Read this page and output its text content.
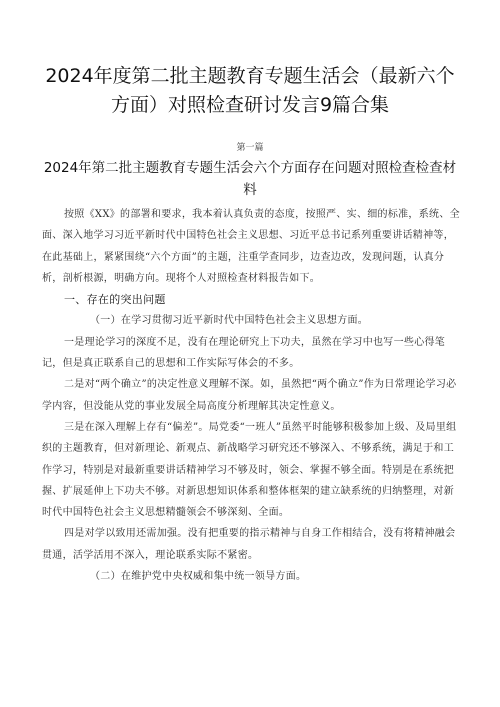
2024年度第二批主题教育专题生活会（最新六个方面）对照检查研讨发言9篇合集
第一篇
2024年第二批主题教育专题生活会六个方面存在问题对照检查检查材料

按照《XX》的部署和要求，我本着认真负责的态度，按照严、实、细的标准，系统、全面、深入地学习习近平新时代中国特色社会主义思想、习近平总书记系列重要讲话精神等，在此基础上，紧紧围绕“六个方面”的主题，注重学查同步，边查边改，发现问题，认真分析，剖析根源，明确方向。现将个人对照检查材料报告如下。

一、存在的突出问题

（一）在学习贯彻习近平新时代中国特色社会主义思想方面。

一是理论学习的深度不足，没有在理论研究上下功夫，虽然在学习中也写一些心得笔记，但是真正联系自己的思想和工作实际写体会的不多。

二是对“两个确立”的决定性意义理解不深。如，虽然把“两个确立”作为日常理论学习必学内容，但没能从党的事业发展全局高度分析理解其决定性意义。

三是在深入理解上存有“偏差”。局党委“一班人”虽然平时能够积极参加上级、及局里组织的主题教育，但对新理论、新观点、新战略学习研究还不够深入、不够系统，满足于和工作学习，特别是对最新重要讲话精神学习不够及时，领会、掌握不够全面。特别是在系统把握、扩展延伸上下功夫不够。对新思想知识体系和整体框架的建立缺系统的归纳整理，对新时代中国特色社会主义思想精髓领会不够深刻、全面。

四是对学以致用还需加强。没有把重要的指示精神与自身工作相结合，没有将精神融会贯通，活学活用不深入，理论联系实际不紧密。

（二）在维护党中央权威和集中统一领导方面。
